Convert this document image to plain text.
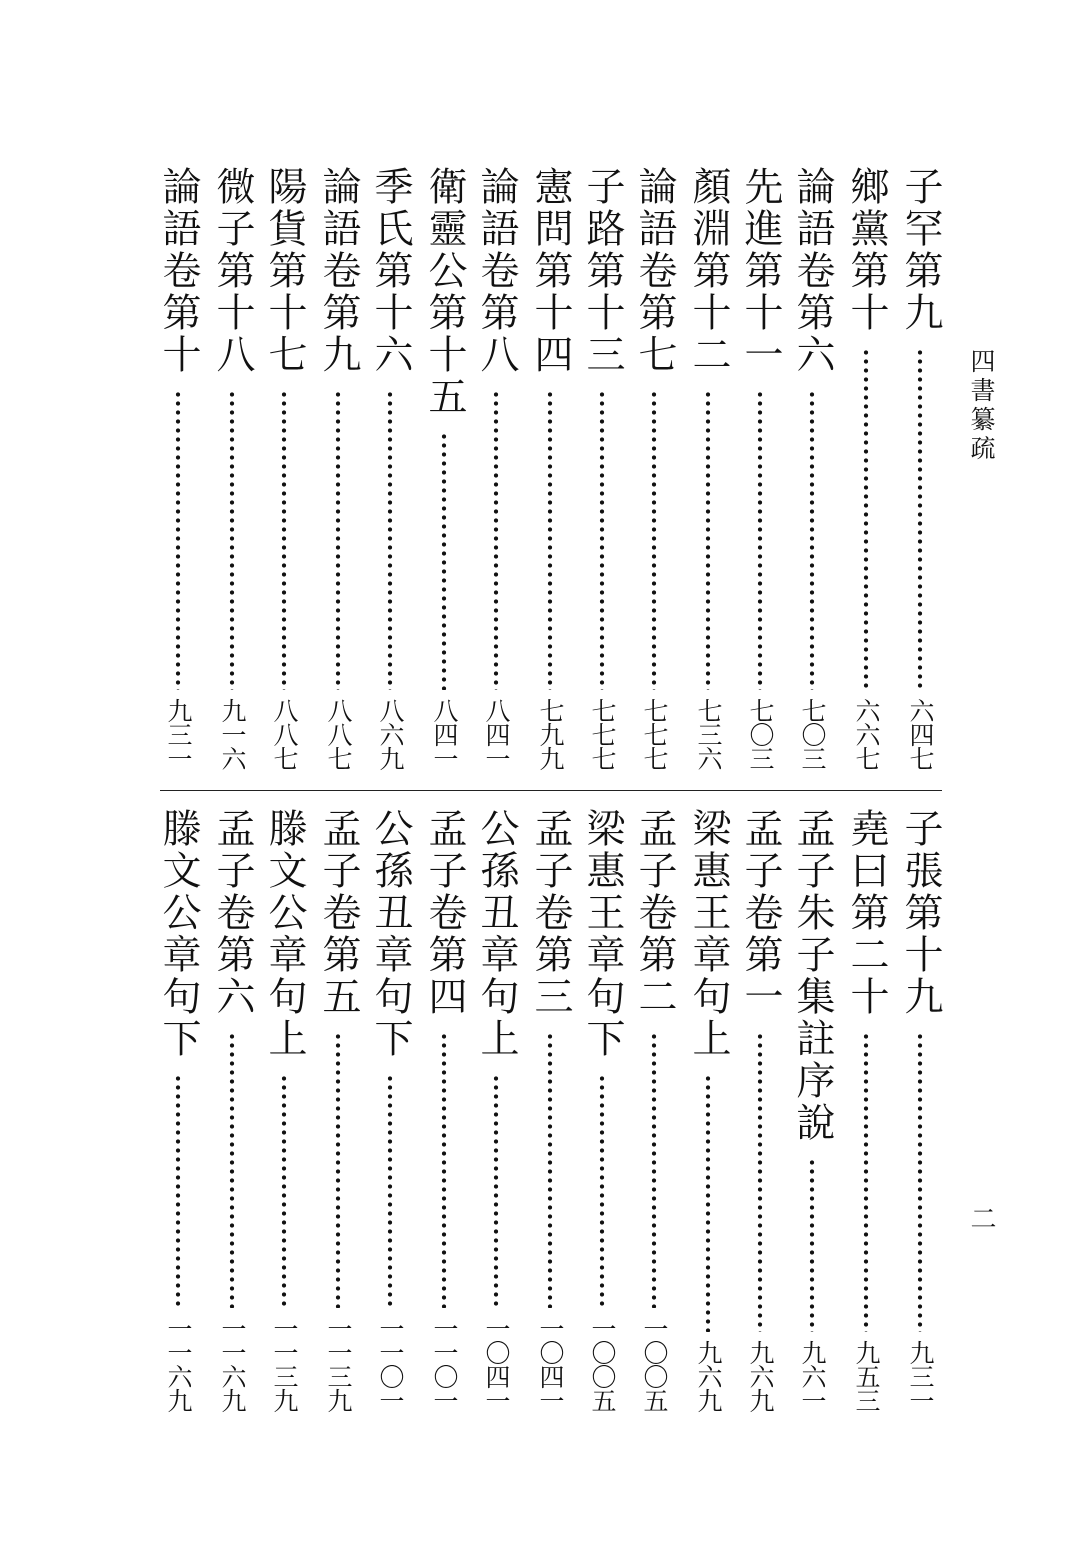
四書纂疏
二
子罕第九
六四七
鄉黨第十
六六七
論語卷第六
七〇三
先進第十一
七〇三
顏淵第十二
七三六
論語卷第七
七七七
子路第十三
七七七
憲問第十四
七九九
論語卷第八
八四一
衛靈公第十五
八四一
季氏第十六
八六九
論語卷第九
八八七
陽貨第十七
八八七
微子第十八
九一六
論語卷第十
九三一
子張第十九
九三一
堯曰第二十
九五三
孟子朱子集註序說
九六一
孟子卷第一
九六九
梁惠王章句上
九六九
孟子卷第二
一〇〇五
梁惠王章句下
一〇〇五
孟子卷第三
一〇四一
公孫丑章句上
一〇四一
孟子卷第四
一一〇一
公孫丑章句下
一一〇一
孟子卷第五
一一三九
滕文公章句上
一一三九
孟子卷第六
一一六九
滕文公章句下
一一六九
